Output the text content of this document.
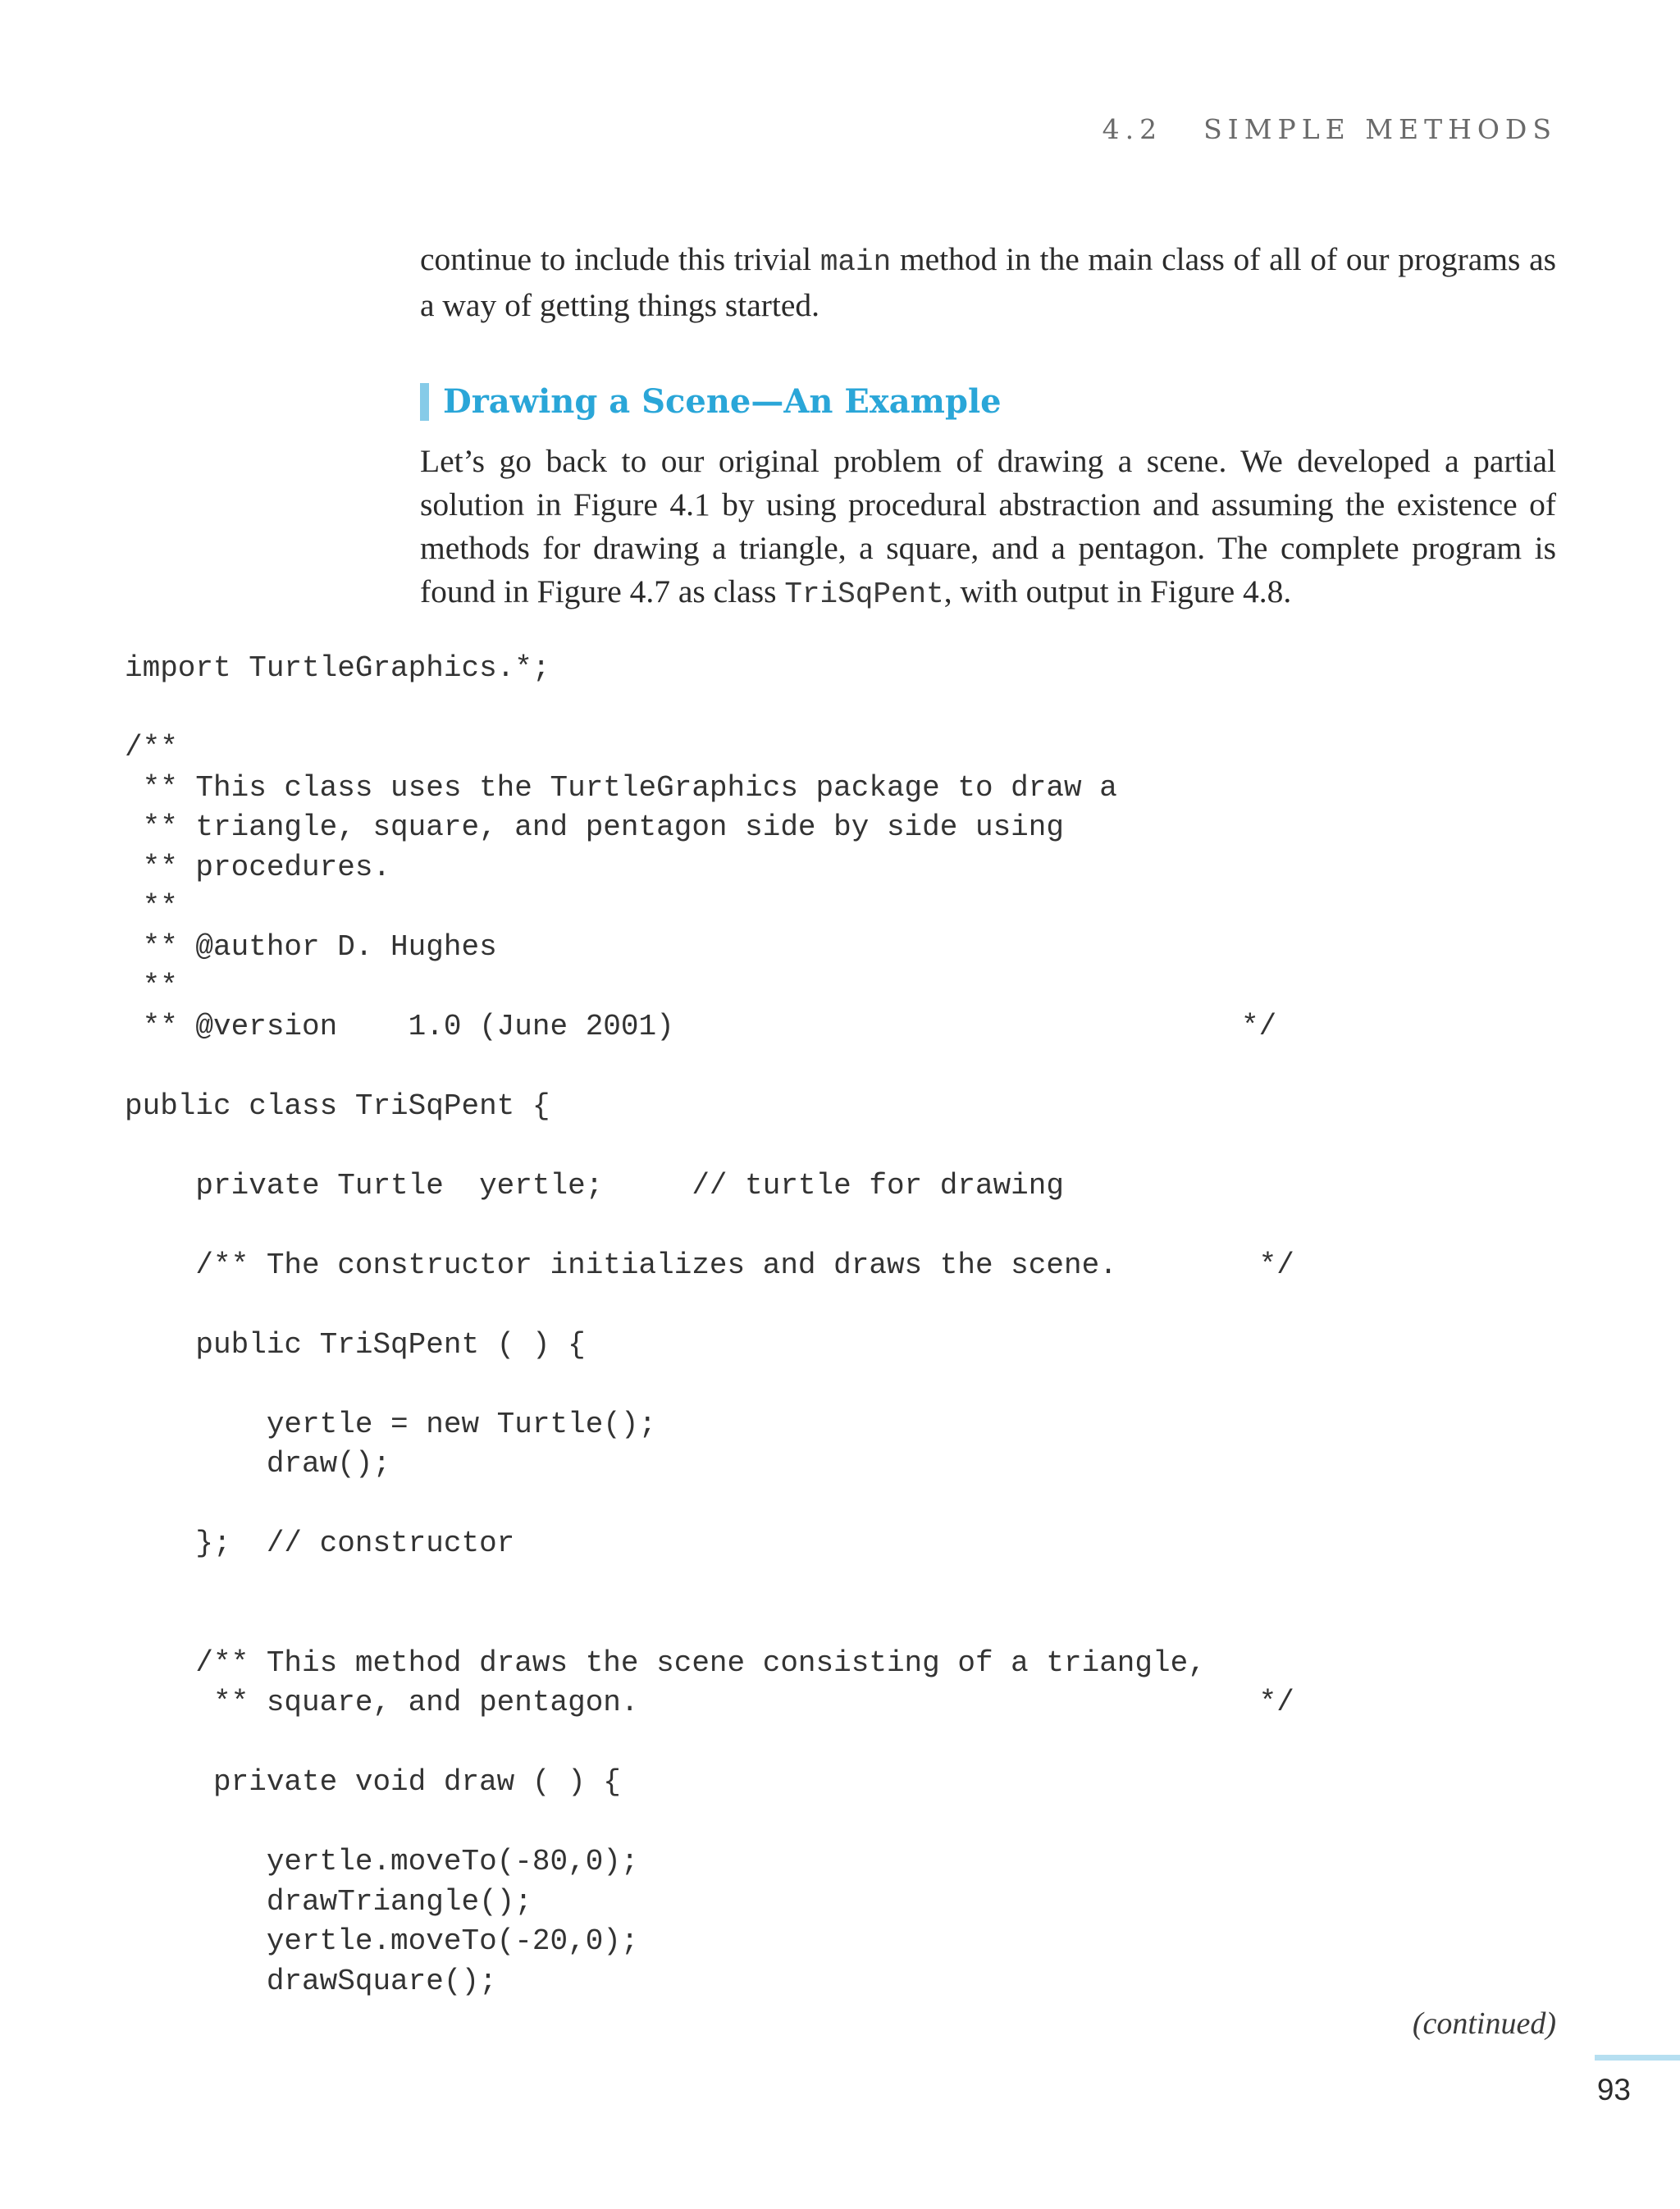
4.2 SIMPLE METHODS

continue to include this trivial main method in the main class of all of our programs as a way of getting things started.

Drawing a Scene—An Example

Let’s go back to our original problem of drawing a scene. We developed a partial solution in Figure 4.1 by using procedural abstraction and assuming the existence of methods for drawing a triangle, a square, and a pentagon. The complete program is found in Figure 4.7 as class TriSqPent, with output in Figure 4.8.

import TurtleGraphics.*;
/**
** This class uses the TurtleGraphics package to draw a
** triangle, square, and pentagon side by side using
** procedures.
**
** @author D. Hughes
**
** @version    1.0 (June 2001)                                */
public class TriSqPent {
private Turtle  yertle;     // turtle for drawing
/** The constructor initializes and draws the scene.        */
public TriSqPent ( ) {
yertle = new Turtle();
draw();
};  // constructor
/** This method draws the scene consisting of a triangle,
** square, and pentagon.                                   */
private void draw ( ) {
yertle.moveTo(-80,0);
drawTriangle();
yertle.moveTo(-20,0);
drawSquare();
(continued)
93
